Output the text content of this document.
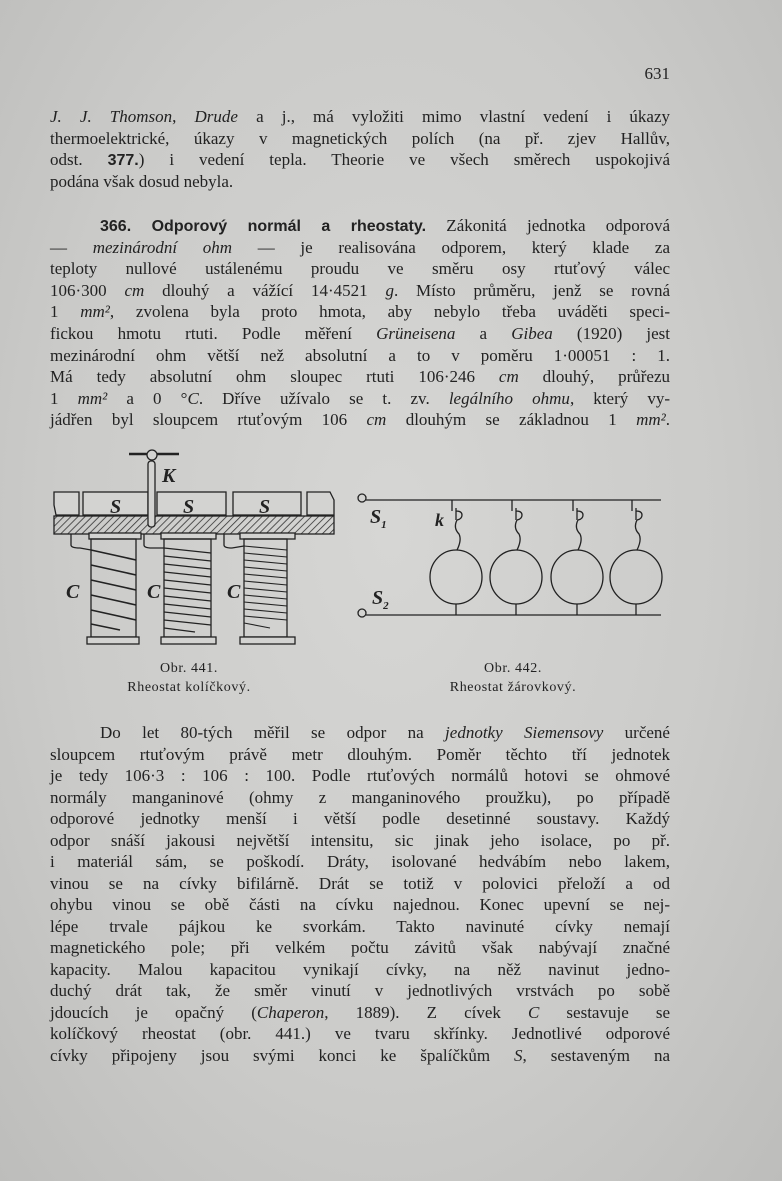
631
J. J. Thomson, Drude a j., má vyložiti mimo vlastní vedení i úkazy
thermoelektrické, úkazy v magnetických polích (na př. zjev Hallův,
odst. 377.) i vedení tepla. Theorie ve všech směrech uspokojivá
podána však dosud nebyla.
366. Odporový normál a rheostaty. Zákonitá jednotka odporová
— mezinárodní ohm — je realisována odporem, který klade za
teploty nullové ustálenému proudu ve směru osy rtuťový válec
106·300 cm dlouhý a vážící 14·4521 g. Místo průměru, jenž se rovná
1 mm², zvolena byla proto hmota, aby nebylo třeba uváděti speci-
fickou hmotu rtuti. Podle měření Grüneisena a Gibea (1920) jest
mezinárodní ohm větší než absolutní a to v poměru 1·00051 : 1.
Má tedy absolutní ohm sloupec rtuti 106·246 cm dlouhý, průřezu
1 mm² a 0 °C. Dříve užívalo se t. zv. legálního ohmu, který vy-
jádřen byl sloupcem rtuťovým 106 cm dlouhým se základnou 1 mm².
Do let 80-tých měřil se odpor na jednotky Siemensovy určené
sloupcem rtuťovým právě metr dlouhým. Poměr těchto tří jednotek
je tedy 106·3 : 106 : 100. Podle rtuťových normálů hotovi se ohmové
normály manganinové (ohmy z manganinového proužku), po případě
odporové jednotky menší i větší podle desetinné soustavy. Každý
odpor snáší jakousi největší intensitu, sic jinak jeho isolace, po př.
i materiál sám, se poškodí. Dráty, isolované hedvábím nebo lakem,
vinou se na cívky bifilárně. Drát se totiž v polovici přeloží a od
ohybu vinou se obě části na cívku najednou. Konec upevní se nej-
lépe trvale pájkou ke svorkám. Takto navinuté cívky nemají
magnetického pole; při velkém počtu závitů však nabývají značné
kapacity. Malou kapacitou vynikají cívky, na něž navinut jedno-
duchý drát tak, že směr vinutí v jednotlivých vrstvách po sobě
jdoucích je opačný (Chaperon, 1889). Z cívek C sestavuje se
kolíčkový rheostat (obr. 441.) ve tvaru skřínky. Jednotlivé odporové
cívky připojeny jsou svými konci ke špalíčkům S, sestaveným na
S	S	S
K
C	C	C
Obr. 441.
Rheostat kolíčkový.
$S_1$
$S_2$
k
Obr. 442.
Rheostat žárovkový.
